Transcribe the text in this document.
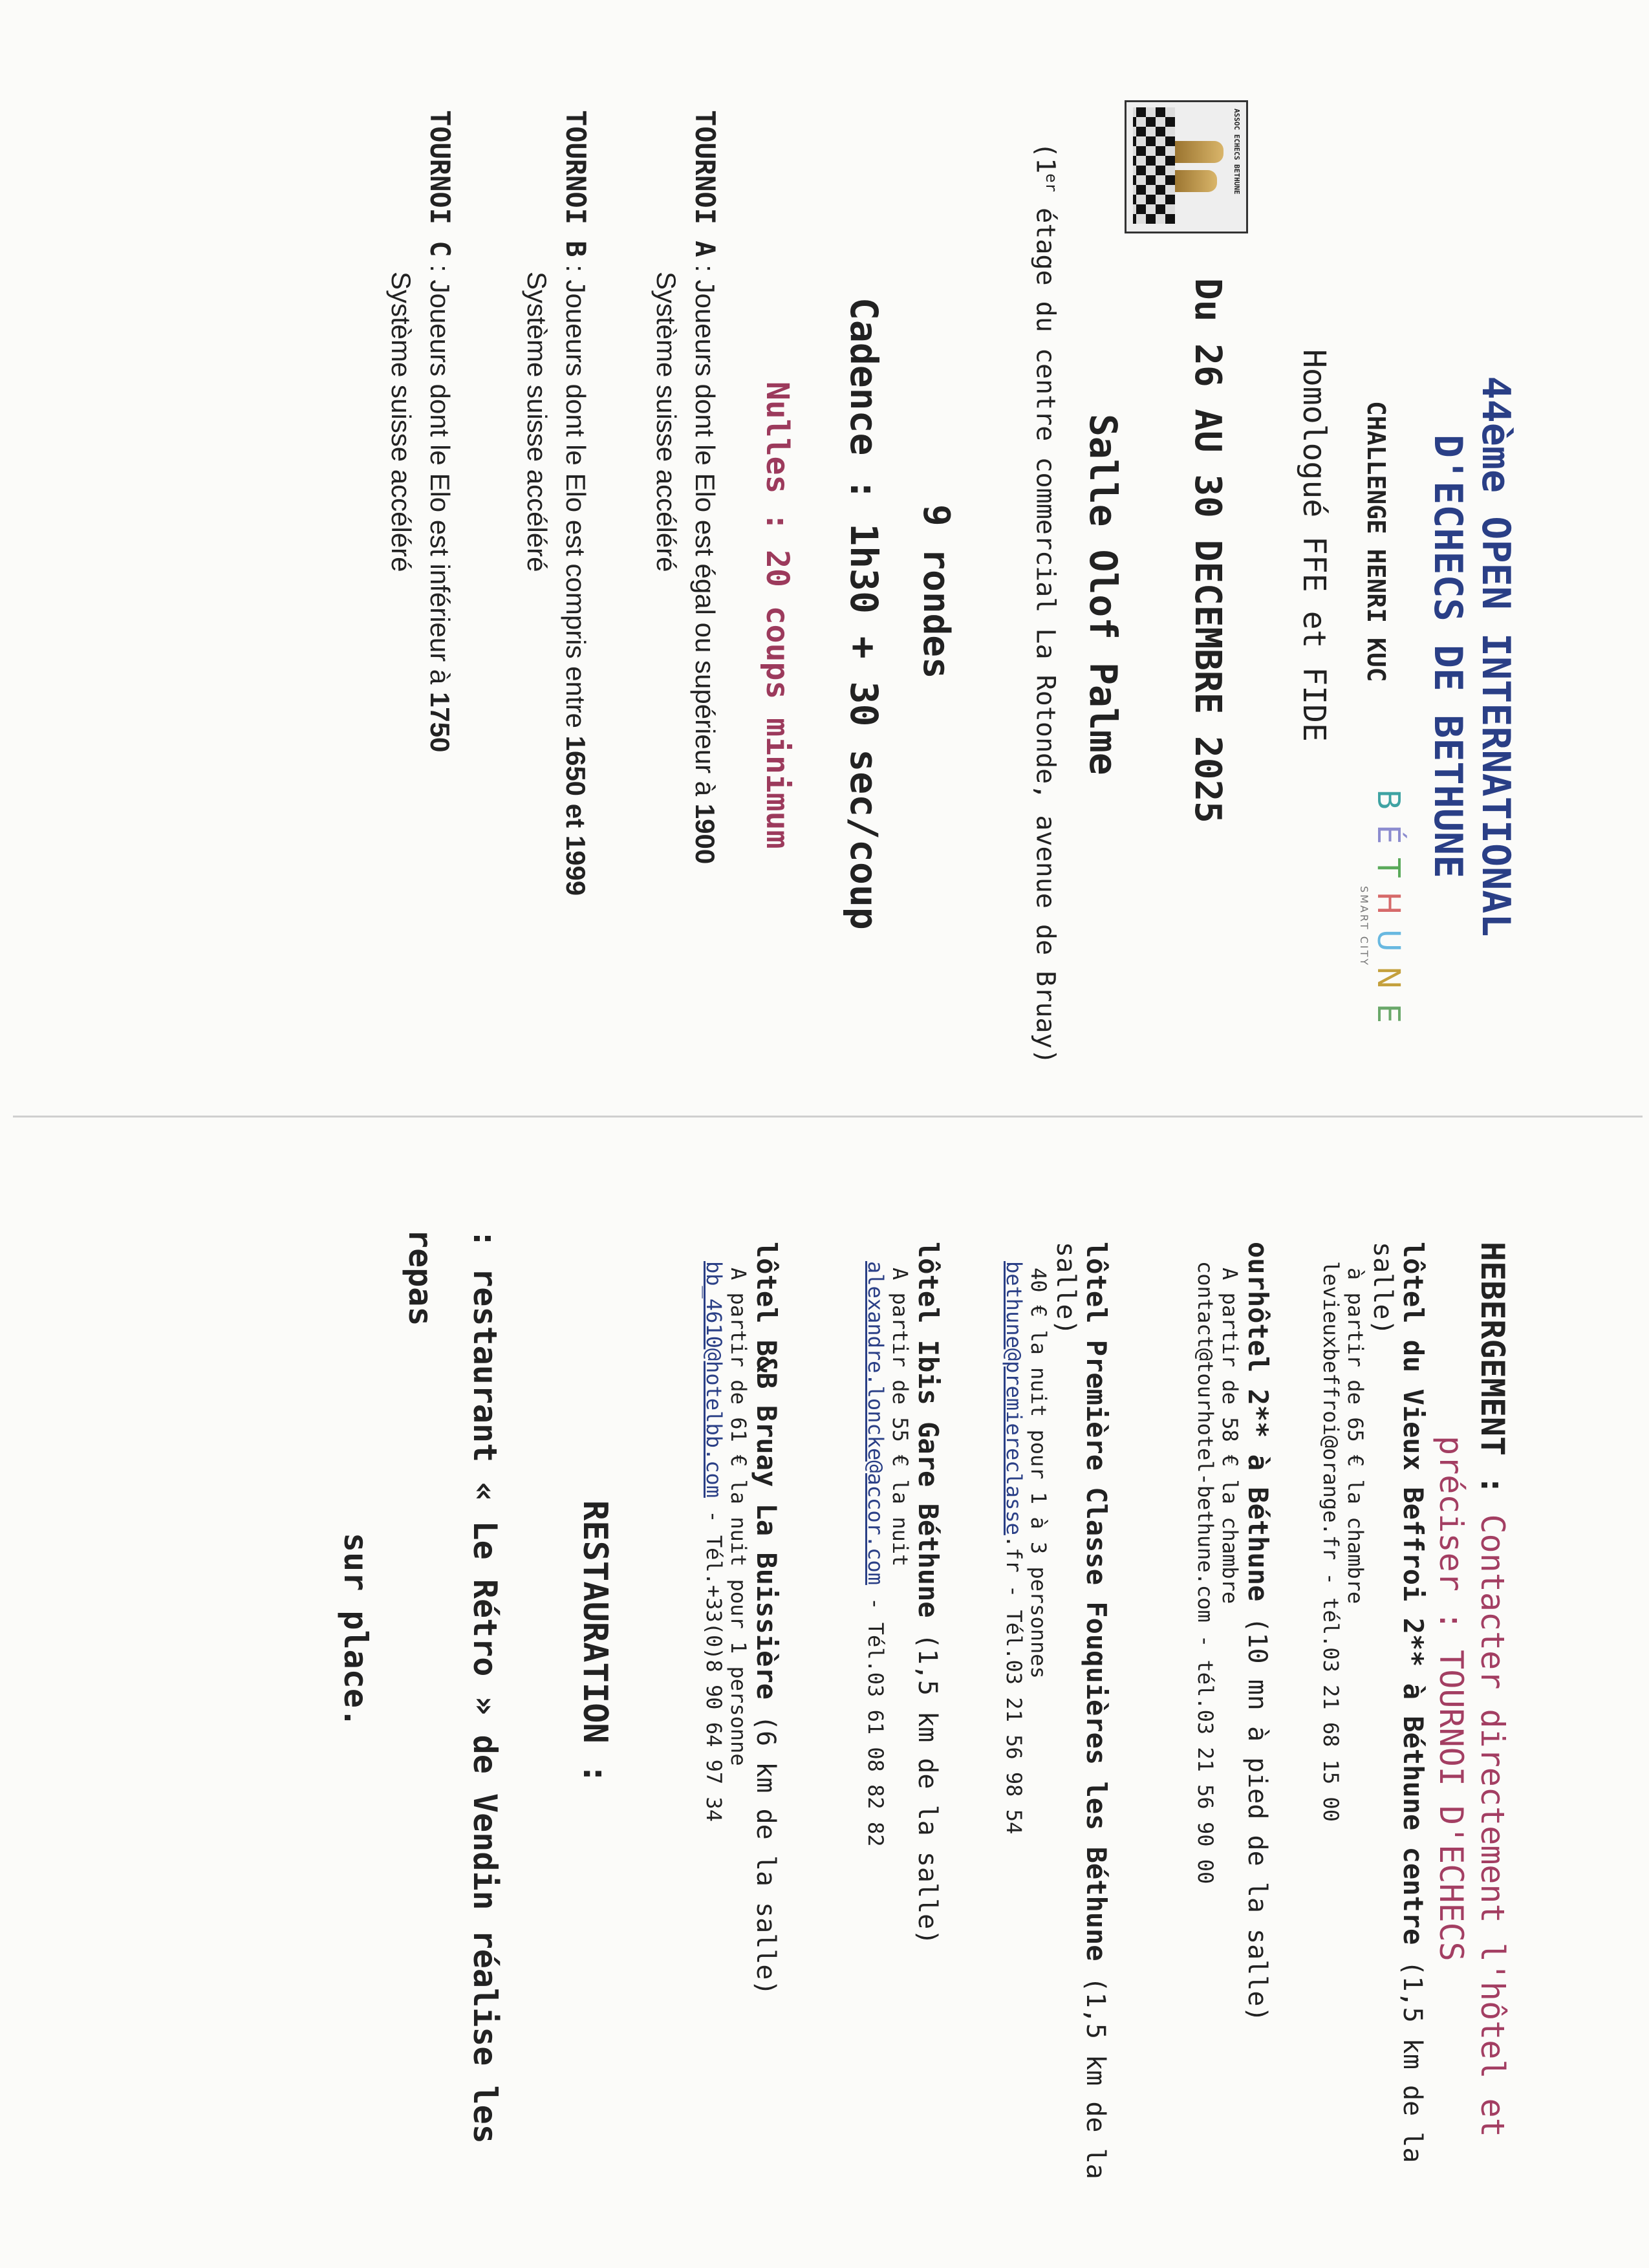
ASSOC ECHECS BETHUNE
44ème OPEN INTERNATIONAL
D'ECHECS DE BETHUNE
CHALLENGE HENRI KUC
BÉTHUNE
SMART CITY
Homologué FFE et FIDE
Du 26 AU 30 DECEMBRE 2025
Salle Olof Palme
(1er étage du centre commercial La Rotonde, avenue de Bruay)
9 rondes
Cadence : 1h30 + 30 sec/coup
Nulles : 20 coups minimum
TOURNOI A : Joueurs dont le Elo est égal ou supérieur à 1900
Système suisse accéléré
TOURNOI B : Joueurs dont le Elo est compris entre 1650 et 1999
Système suisse accéléré
TOURNOI C : Joueurs dont le Elo est inférieur à 1750
Système suisse accéléré
HEBERGEMENT : Contacter directement l'hôtel et
préciser : TOURNOI D'ECHECS
lôtel du Vieux Beffroi 2** à Béthune centre (1,5 km de la salle)
à partir de 65 € la chambre
levieuxbeffroi@orange.fr - tél.03 21 68 15 00
ourhôtel 2** à Béthune (10 mn à pied de la salle)
A partir de 58 € la chambre
contact@tourhotel-bethune.com - tél.03 21 56 90 00
lôtel Première Classe Fouquières les Béthune (1,5 km de la salle)
40 € la nuit pour 1 à 3 personnes
bethune@premiereclasse.fr - Tél.03 21 56 98 54
lôtel Ibis Gare Béthune (1,5 km de la salle)
A partir de 55 € la nuit
alexandre.loncke@accor.com - Tél.03 61 08 82 82
lôtel B&B Bruay La Buissière (6 km de la salle)
A partir de 61 € la nuit pour 1 personne
bb_4610@hotelbb.com - Tél.+33(0)8 90 64 97 34
RESTAURATION :
: restaurant « Le Rétro » de Vendin réalise les repas
sur place.
